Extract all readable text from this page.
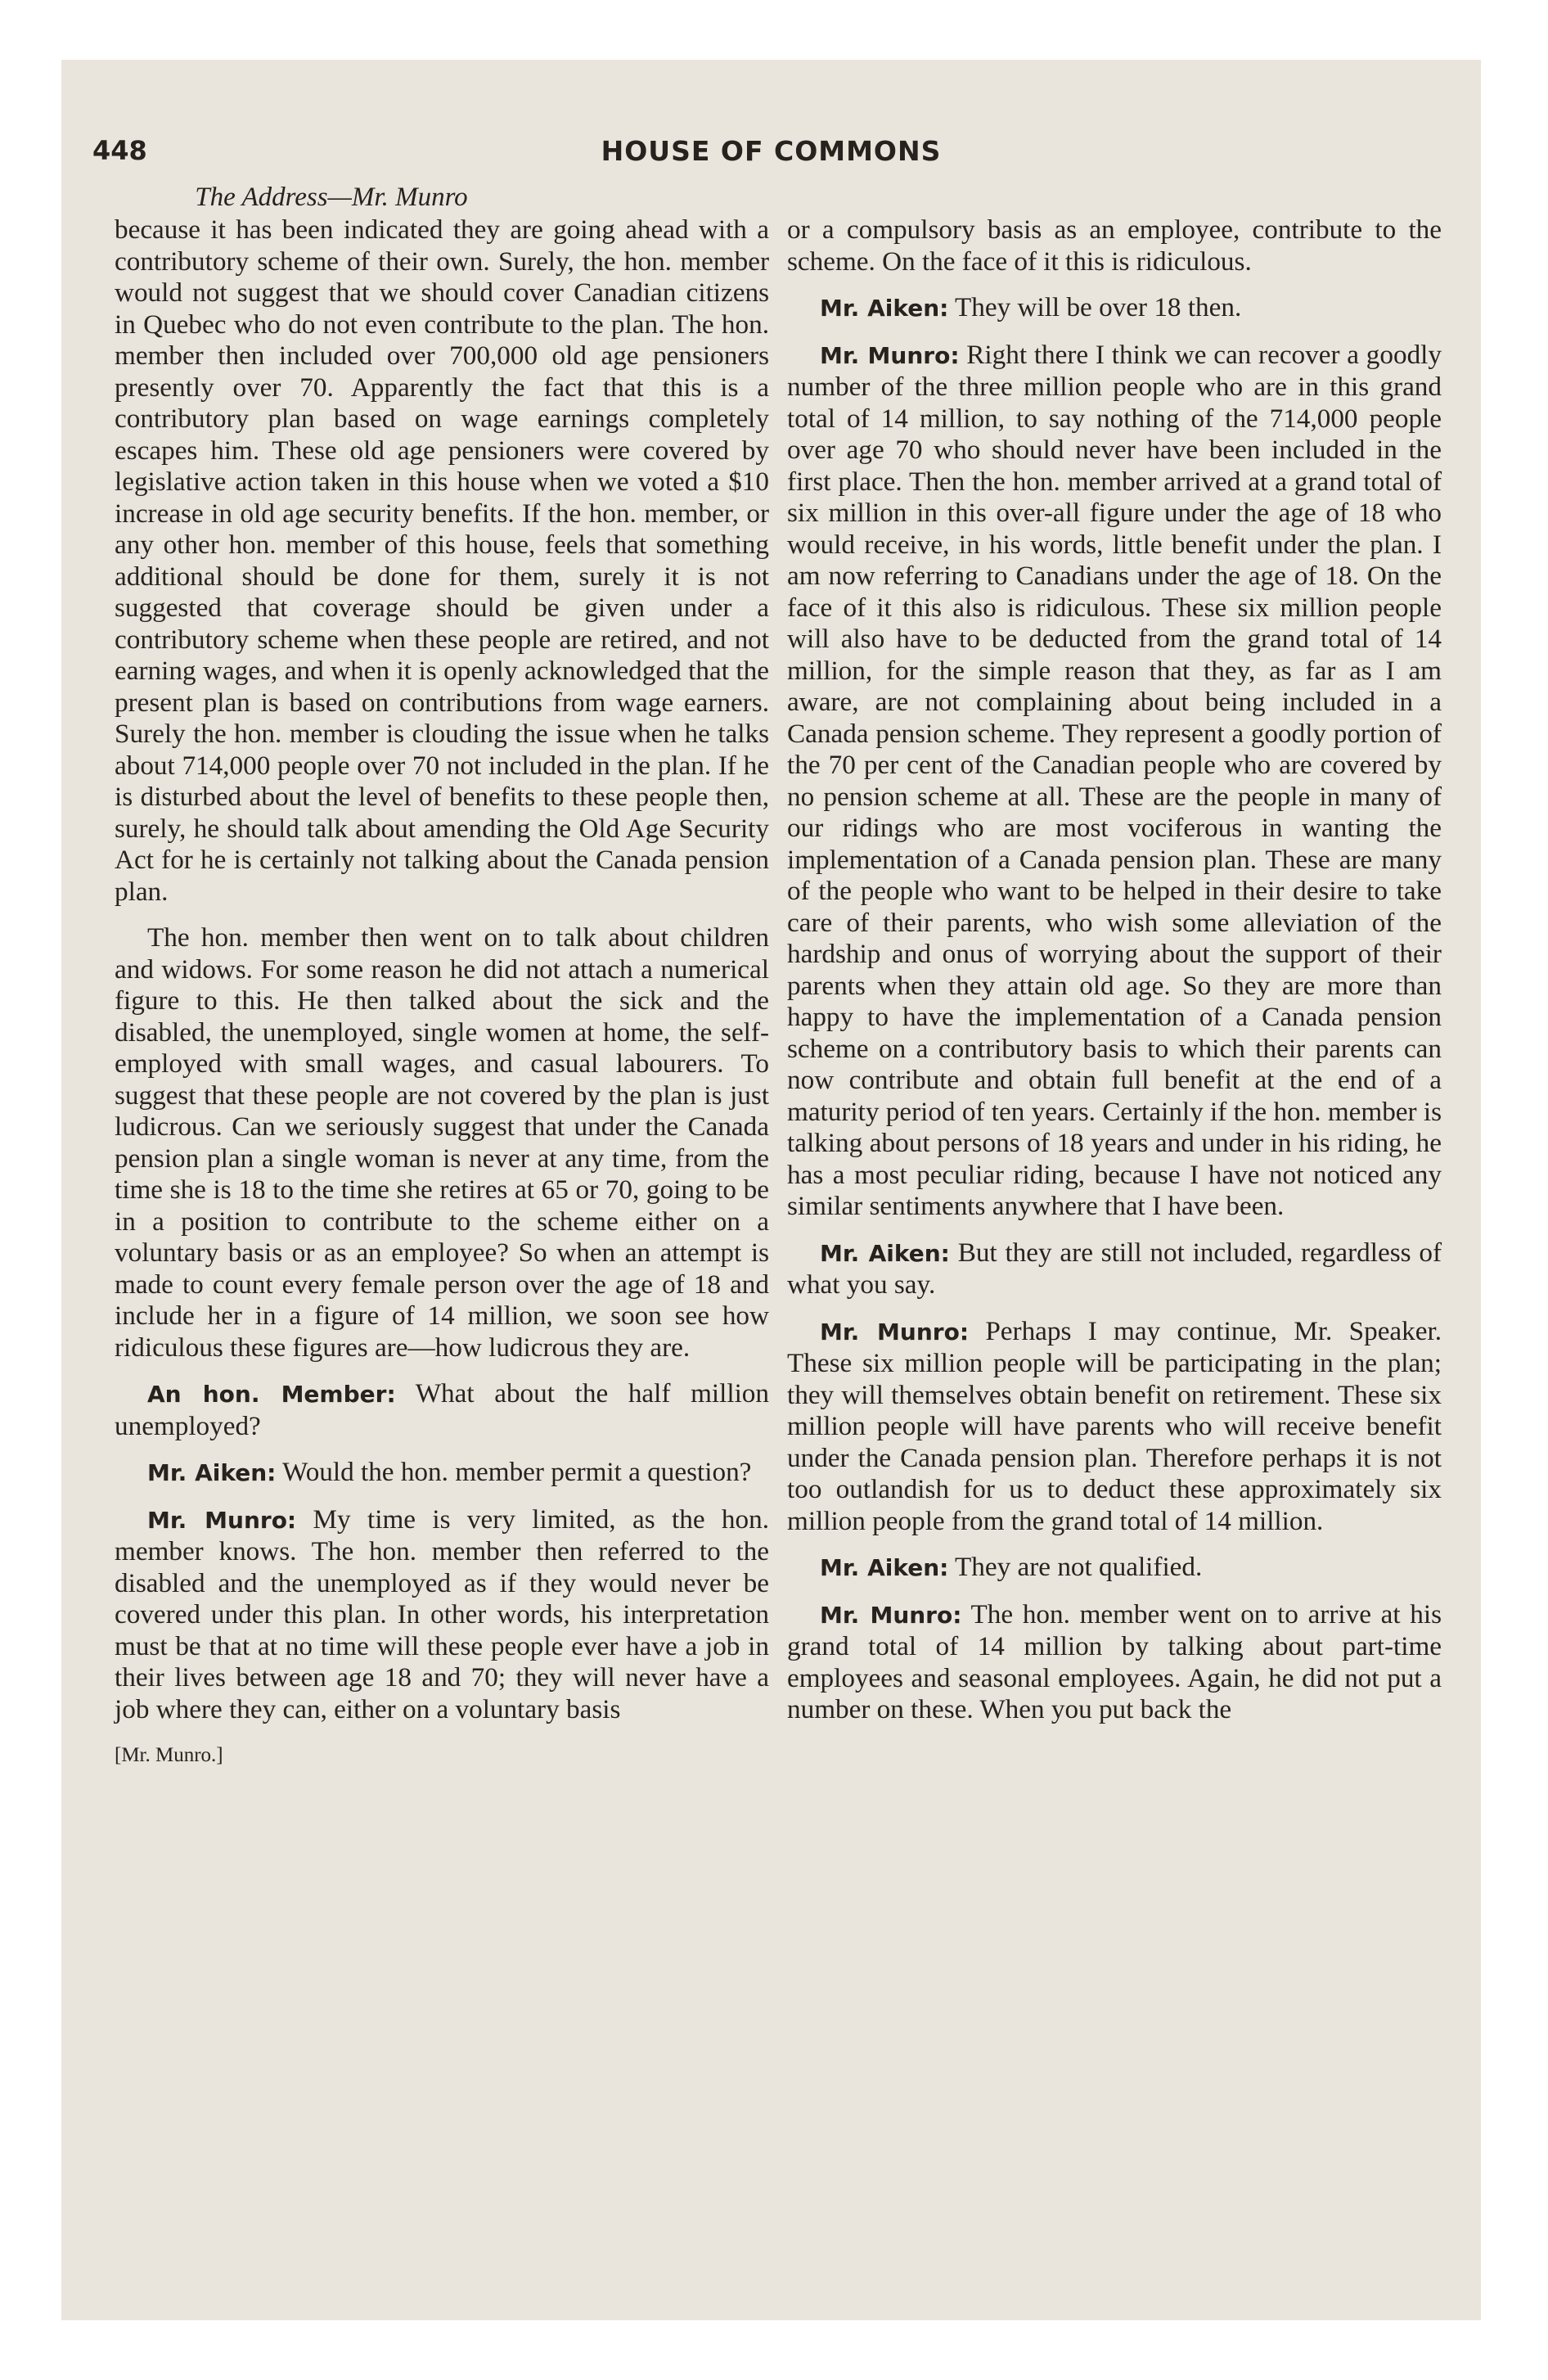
448	HOUSE OF COMMONS
The Address—Mr. Munro

because it has been indicated they are going ahead with a contributory scheme of their own. Surely, the hon. member would not suggest that we should cover Canadian citizens in Quebec who do not even contribute to the plan. The hon. member then included over 700,000 old age pensioners presently over 70. Apparently the fact that this is a contributory plan based on wage earnings completely escapes him. These old age pensioners were covered by legislative action taken in this house when we voted a $10 increase in old age security benefits. If the hon. member, or any other hon. member of this house, feels that something additional should be done for them, surely it is not suggested that coverage should be given under a contributory scheme when these people are retired, and not earning wages, and when it is openly acknowledged that the present plan is based on contributions from wage earners. Surely the hon. member is clouding the issue when he talks about 714,000 people over 70 not included in the plan. If he is disturbed about the level of benefits to these people then, surely, he should talk about amending the Old Age Security Act for he is certainly not talking about the Canada pension plan.

The hon. member then went on to talk about children and widows. For some reason he did not attach a numerical figure to this. He then talked about the sick and the disabled, the unemployed, single women at home, the self-employed with small wages, and casual labourers. To suggest that these people are not covered by the plan is just ludicrous. Can we seriously suggest that under the Canada pension plan a single woman is never at any time, from the time she is 18 to the time she retires at 65 or 70, going to be in a position to contribute to the scheme either on a voluntary basis or as an employee? So when an attempt is made to count every female person over the age of 18 and include her in a figure of 14 million, we soon see how ridiculous these figures are—how ludicrous they are.

An hon. Member: What about the half million unemployed?

Mr. Aiken: Would the hon. member permit a question?

Mr. Munro: My time is very limited, as the hon. member knows. The hon. member then referred to the disabled and the unemployed as if they would never be covered under this plan. In other words, his interpretation must be that at no time will these people ever have a job in their lives between age 18 and 70; they will never have a job where they can, either on a voluntary basis

[Mr. Munro.]

or a compulsory basis as an employee, contribute to the scheme. On the face of it this is ridiculous.

Mr. Aiken: They will be over 18 then.

Mr. Munro: Right there I think we can recover a goodly number of the three million people who are in this grand total of 14 million, to say nothing of the 714,000 people over age 70 who should never have been included in the first place. Then the hon. member arrived at a grand total of six million in this over-all figure under the age of 18 who would receive, in his words, little benefit under the plan. I am now referring to Canadians under the age of 18. On the face of it this also is ridiculous. These six million people will also have to be deducted from the grand total of 14 million, for the simple reason that they, as far as I am aware, are not complaining about being included in a Canada pension scheme. They represent a goodly portion of the 70 per cent of the Canadian people who are covered by no pension scheme at all. These are the people in many of our ridings who are most vociferous in wanting the implementation of a Canada pension plan. These are many of the people who want to be helped in their desire to take care of their parents, who wish some alleviation of the hardship and onus of worrying about the support of their parents when they attain old age. So they are more than happy to have the implementation of a Canada pension scheme on a contributory basis to which their parents can now contribute and obtain full benefit at the end of a maturity period of ten years. Certainly if the hon. member is talking about persons of 18 years and under in his riding, he has a most peculiar riding, because I have not noticed any similar sentiments anywhere that I have been.

Mr. Aiken: But they are still not included, regardless of what you say.

Mr. Munro: Perhaps I may continue, Mr. Speaker. These six million people will be participating in the plan; they will themselves obtain benefit on retirement. These six million people will have parents who will receive benefit under the Canada pension plan. Therefore perhaps it is not too outlandish for us to deduct these approximately six million people from the grand total of 14 million.

Mr. Aiken: They are not qualified.

Mr. Munro: The hon. member went on to arrive at his grand total of 14 million by talking about part-time employees and seasonal employees. Again, he did not put a number on these. When you put back the
